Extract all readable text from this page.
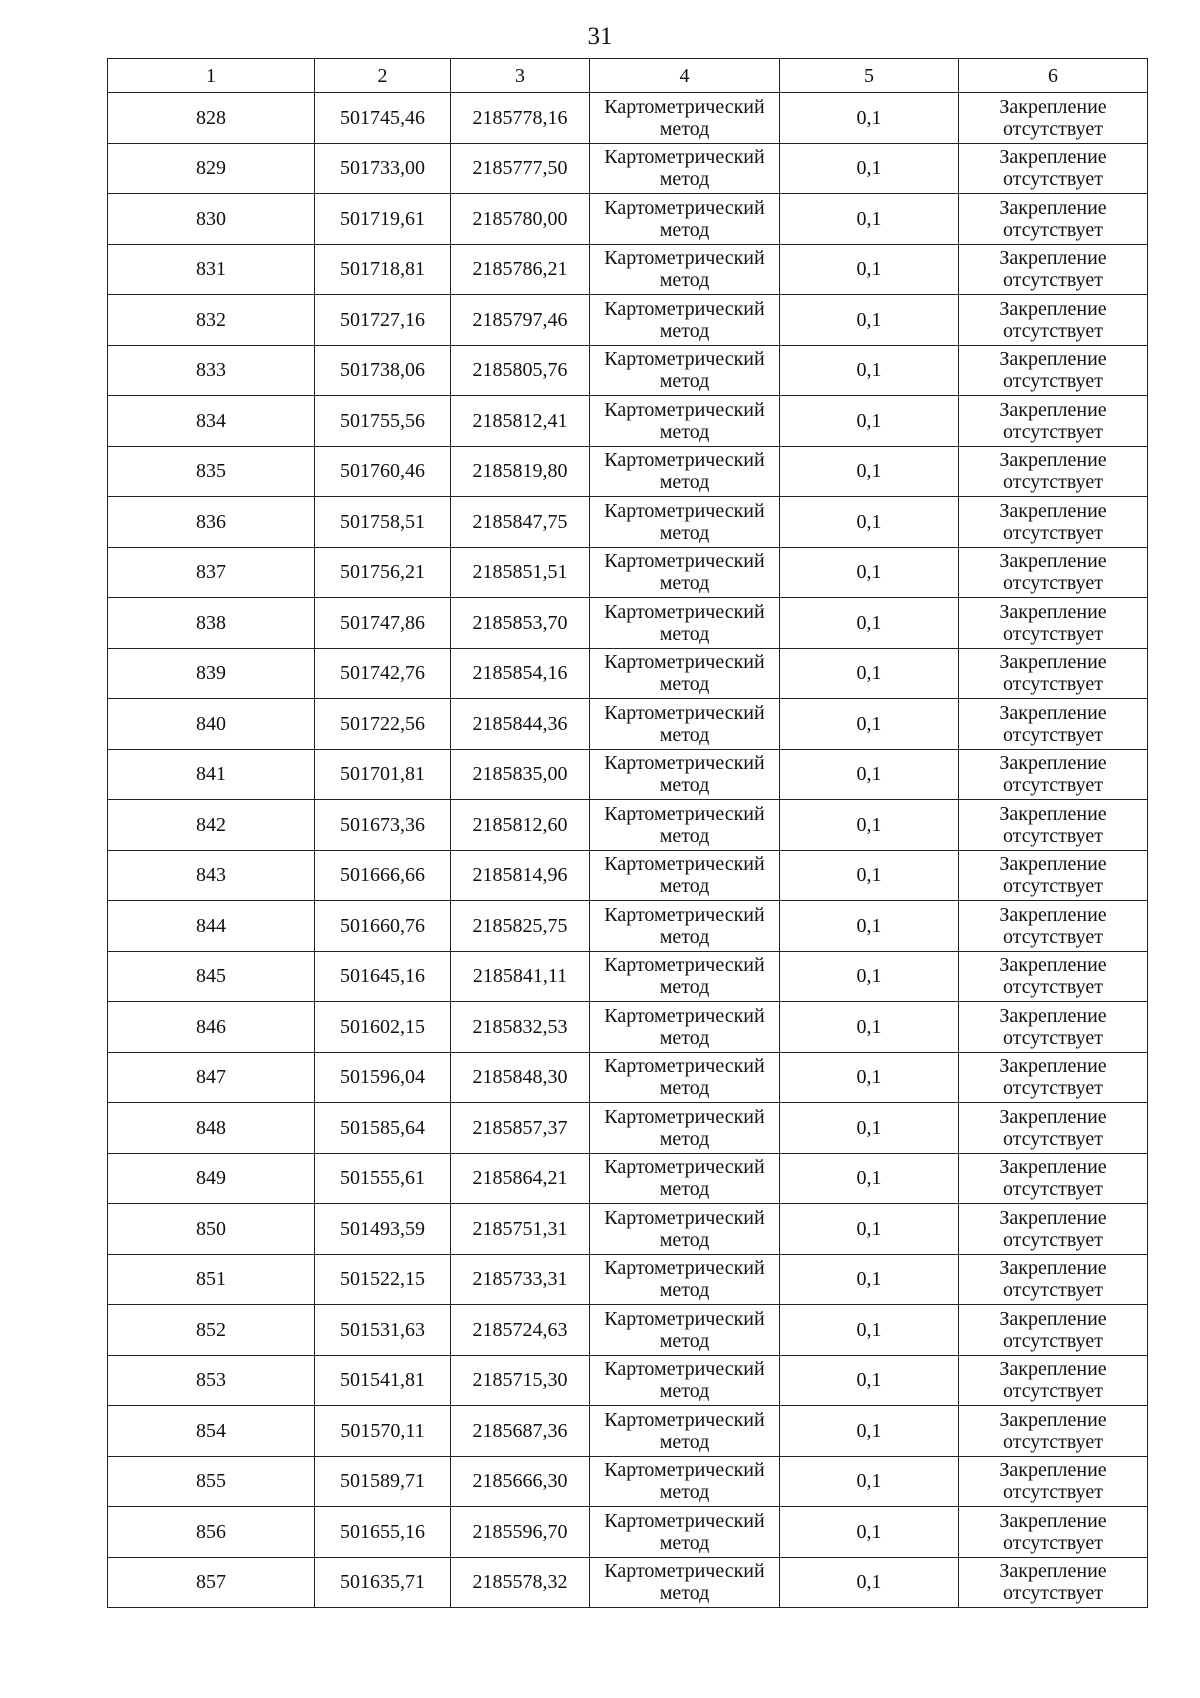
31
1	2	3	4	5	6
828	501745,46	2185778,16	Картометрический метод	0,1	Закрепление отсутствует
829	501733,00	2185777,50	Картометрический метод	0,1	Закрепление отсутствует
830	501719,61	2185780,00	Картометрический метод	0,1	Закрепление отсутствует
831	501718,81	2185786,21	Картометрический метод	0,1	Закрепление отсутствует
832	501727,16	2185797,46	Картометрический метод	0,1	Закрепление отсутствует
833	501738,06	2185805,76	Картометрический метод	0,1	Закрепление отсутствует
834	501755,56	2185812,41	Картометрический метод	0,1	Закрепление отсутствует
835	501760,46	2185819,80	Картометрический метод	0,1	Закрепление отсутствует
836	501758,51	2185847,75	Картометрический метод	0,1	Закрепление отсутствует
837	501756,21	2185851,51	Картометрический метод	0,1	Закрепление отсутствует
838	501747,86	2185853,70	Картометрический метод	0,1	Закрепление отсутствует
839	501742,76	2185854,16	Картометрический метод	0,1	Закрепление отсутствует
840	501722,56	2185844,36	Картометрический метод	0,1	Закрепление отсутствует
841	501701,81	2185835,00	Картометрический метод	0,1	Закрепление отсутствует
842	501673,36	2185812,60	Картометрический метод	0,1	Закрепление отсутствует
843	501666,66	2185814,96	Картометрический метод	0,1	Закрепление отсутствует
844	501660,76	2185825,75	Картометрический метод	0,1	Закрепление отсутствует
845	501645,16	2185841,11	Картометрический метод	0,1	Закрепление отсутствует
846	501602,15	2185832,53	Картометрический метод	0,1	Закрепление отсутствует
847	501596,04	2185848,30	Картометрический метод	0,1	Закрепление отсутствует
848	501585,64	2185857,37	Картометрический метод	0,1	Закрепление отсутствует
849	501555,61	2185864,21	Картометрический метод	0,1	Закрепление отсутствует
850	501493,59	2185751,31	Картометрический метод	0,1	Закрепление отсутствует
851	501522,15	2185733,31	Картометрический метод	0,1	Закрепление отсутствует
852	501531,63	2185724,63	Картометрический метод	0,1	Закрепление отсутствует
853	501541,81	2185715,30	Картометрический метод	0,1	Закрепление отсутствует
854	501570,11	2185687,36	Картометрический метод	0,1	Закрепление отсутствует
855	501589,71	2185666,30	Картометрический метод	0,1	Закрепление отсутствует
856	501655,16	2185596,70	Картометрический метод	0,1	Закрепление отсутствует
857	501635,71	2185578,32	Картометрический метод	0,1	Закрепление отсутствует
